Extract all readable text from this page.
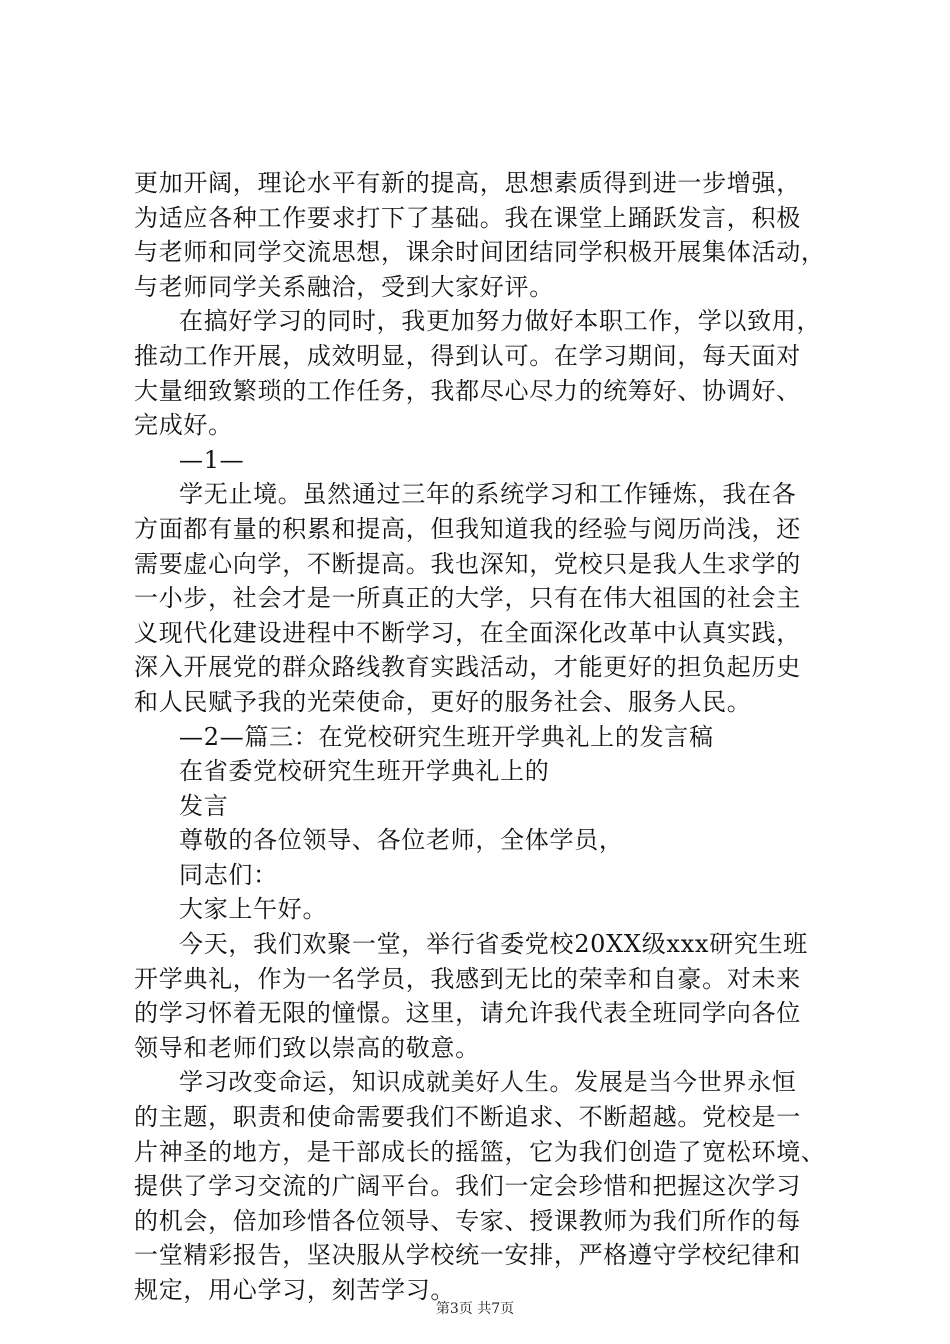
更加开阔，理论水平有新的提高，思想素质得到进一步增强，
为适应各种工作要求打下了基础。我在课堂上踊跃发言，积极
与老师和同学交流思想，课余时间团结同学积极开展集体活动，
与老师同学关系融洽，受到大家好评。
在搞好学习的同时，我更加努力做好本职工作，学以致用，
推动工作开展，成效明显，得到认可。在学习期间，每天面对
大量细致繁琐的工作任务，我都尽心尽力的统筹好、协调好、
完成好。
—1—
学无止境。虽然通过三年的系统学习和工作锤炼，我在各
方面都有量的积累和提高，但我知道我的经验与阅历尚浅，还
需要虚心向学，不断提高。我也深知，党校只是我人生求学的
一小步，社会才是一所真正的大学，只有在伟大祖国的社会主
义现代化建设进程中不断学习，在全面深化改革中认真实践，
深入开展党的群众路线教育实践活动，才能更好的担负起历史
和人民赋予我的光荣使命，更好的服务社会、服务人民。
—2—篇三：在党校研究生班开学典礼上的发言稿
在省委党校研究生班开学典礼上的
发言
尊敬的各位领导、各位老师，全体学员，
同志们：
大家上午好。
今天，我们欢聚一堂，举行省委党校20XX级xxx研究生班
开学典礼，作为一名学员，我感到无比的荣幸和自豪。对未来
的学习怀着无限的憧憬。这里，请允许我代表全班同学向各位
领导和老师们致以崇高的敬意。
学习改变命运，知识成就美好人生。发展是当今世界永恒
的主题，职责和使命需要我们不断追求、不断超越。党校是一
片神圣的地方，是干部成长的摇篮，它为我们创造了宽松环境、
提供了学习交流的广阔平台。我们一定会珍惜和把握这次学习
的机会，倍加珍惜各位领导、专家、授课教师为我们所作的每
一堂精彩报告，坚决服从学校统一安排，严格遵守学校纪律和
规定，用心学习，刻苦学习。
第3页 共7页
